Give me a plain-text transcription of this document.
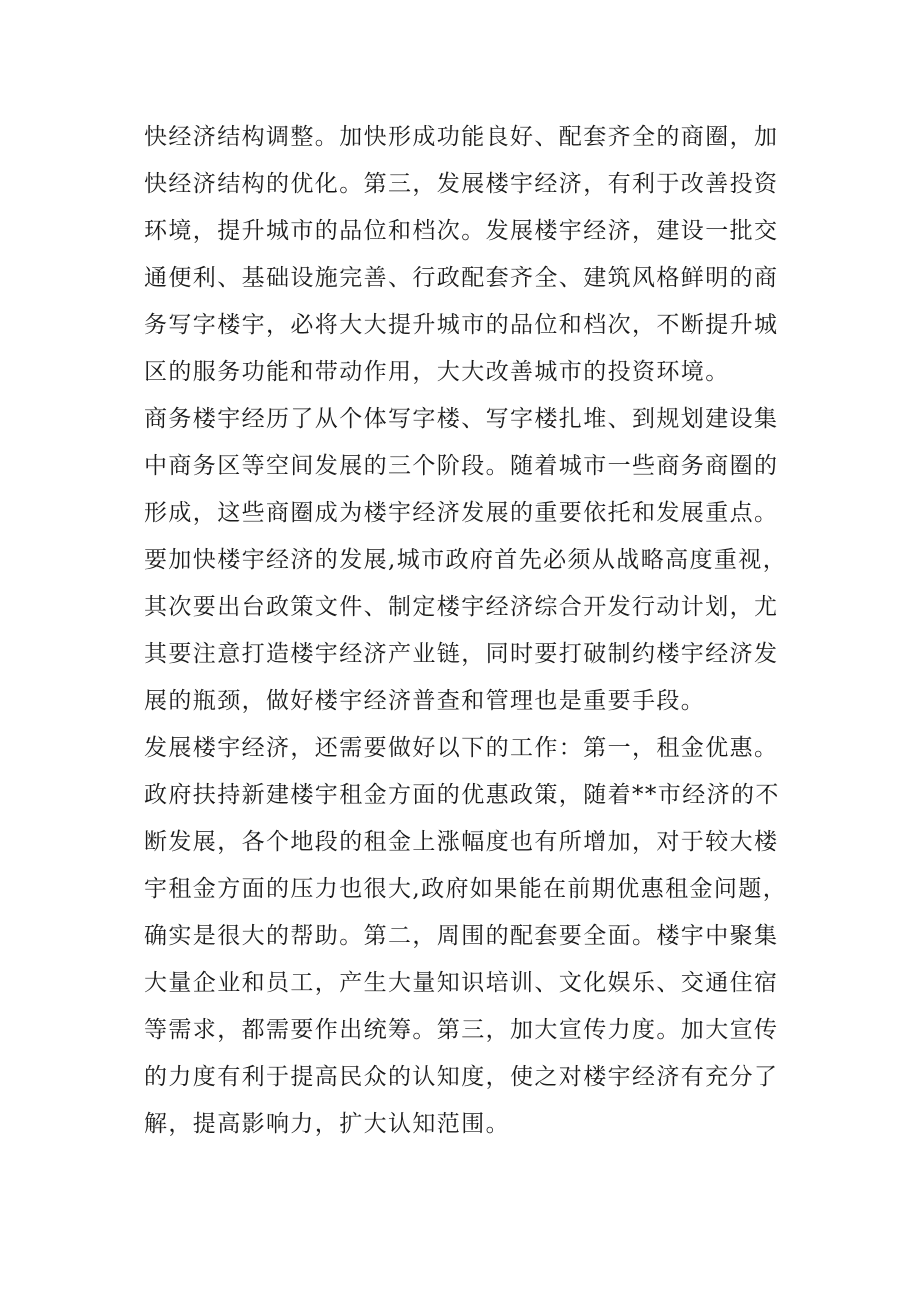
快经济结构调整。加快形成功能良好、配套齐全的商圈，加
快经济结构的优化。第三，发展楼宇经济，有利于改善投资
环境，提升城市的品位和档次。发展楼宇经济，建设一批交
通便利、基础设施完善、行政配套齐全、建筑风格鲜明的商
务写字楼宇，必将大大提升城市的品位和档次，不断提升城
区的服务功能和带动作用，大大改善城市的投资环境。
商务楼宇经历了从个体写字楼、写字楼扎堆、到规划建设集
中商务区等空间发展的三个阶段。随着城市一些商务商圈的
形成，这些商圈成为楼宇经济发展的重要依托和发展重点。
要加快楼宇经济的发展,城市政府首先必须从战略高度重视，
其次要出台政策文件、制定楼宇经济综合开发行动计划，尤
其要注意打造楼宇经济产业链，同时要打破制约楼宇经济发
展的瓶颈，做好楼宇经济普查和管理也是重要手段。
发展楼宇经济，还需要做好以下的工作：第一，租金优惠。
政府扶持新建楼宇租金方面的优惠政策，随着**市经济的不
断发展，各个地段的租金上涨幅度也有所增加，对于较大楼
宇租金方面的压力也很大,政府如果能在前期优惠租金问题，
确实是很大的帮助。第二，周围的配套要全面。楼宇中聚集
大量企业和员工，产生大量知识培训、文化娱乐、交通住宿
等需求，都需要作出统筹。第三，加大宣传力度。加大宣传
的力度有利于提高民众的认知度，使之对楼宇经济有充分了
解，提高影响力，扩大认知范围。
